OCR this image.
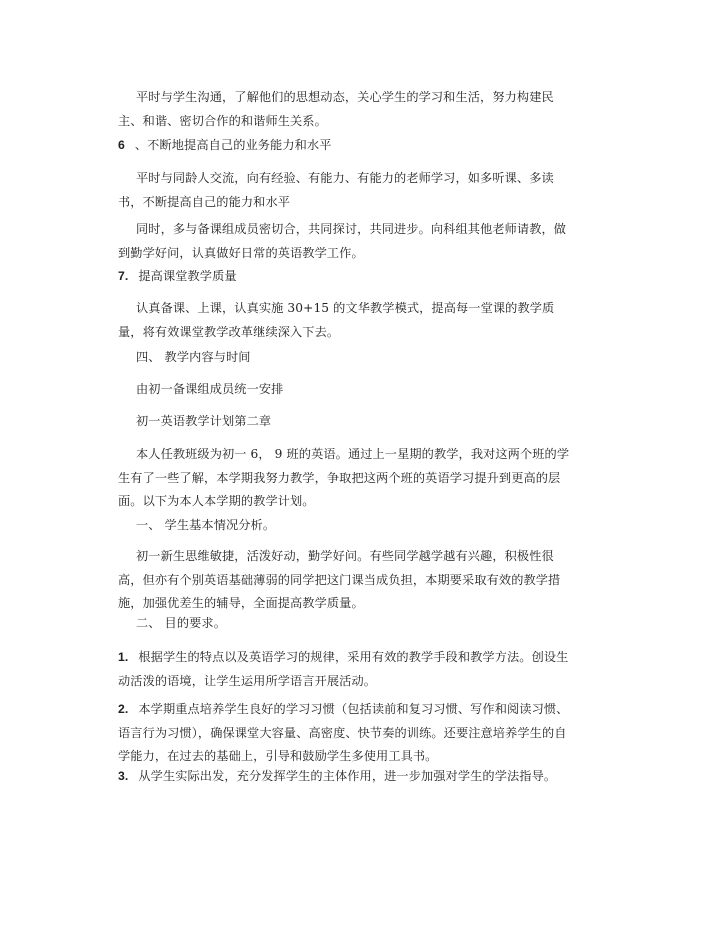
平时与学生沟通，了解他们的思想动态，关心学生的学习和生活，努力构建民主、和谐、密切合作的和谐师生关系。

6 、不断地提高自己的业务能力和水平

平时与同龄人交流，向有经验、有能力、有能力的老师学习，如多听课、多读书，不断提高自己的能力和水平

同时，多与备课组成员密切合，共同探讨，共同进步。向科组其他老师请教，做到勤学好问，认真做好日常的英语教学工作。

7. 提高课堂教学质量

认真备课、上课，认真实施 30+15 的文华教学模式，提高每一堂课的教学质量，将有效课堂教学改革继续深入下去。

四、 教学内容与时间

由初一备课组成员统一安排

初一英语教学计划第二章

本人任教班级为初一 6， 9 班的英语。通过上一星期的教学，我对这两个班的学生有了一些了解，本学期我努力教学，争取把这两个班的英语学习提升到更高的层面。以下为本人本学期的教学计划。

一、 学生基本情况分析。

初一新生思维敏捷，活泼好动，勤学好问。有些同学越学越有兴趣，积极性很高，但亦有个别英语基础薄弱的同学把这门课当成负担，本期要采取有效的教学措施，加强优差生的辅导，全面提高教学质量。

二、 目的要求。

1. 根据学生的特点以及英语学习的规律，采用有效的教学手段和教学方法。创设生动活泼的语境，让学生运用所学语言开展活动。

2. 本学期重点培养学生良好的学习习惯（包括读前和复习习惯、写作和阅读习惯、语言行为习惯），确保课堂大容量、高密度、快节奏的训练。还要注意培养学生的自学能力，在过去的基础上，引导和鼓励学生多使用工具书。

3. 从学生实际出发，充分发挥学生的主体作用，进一步加强对学生的学法指导。
